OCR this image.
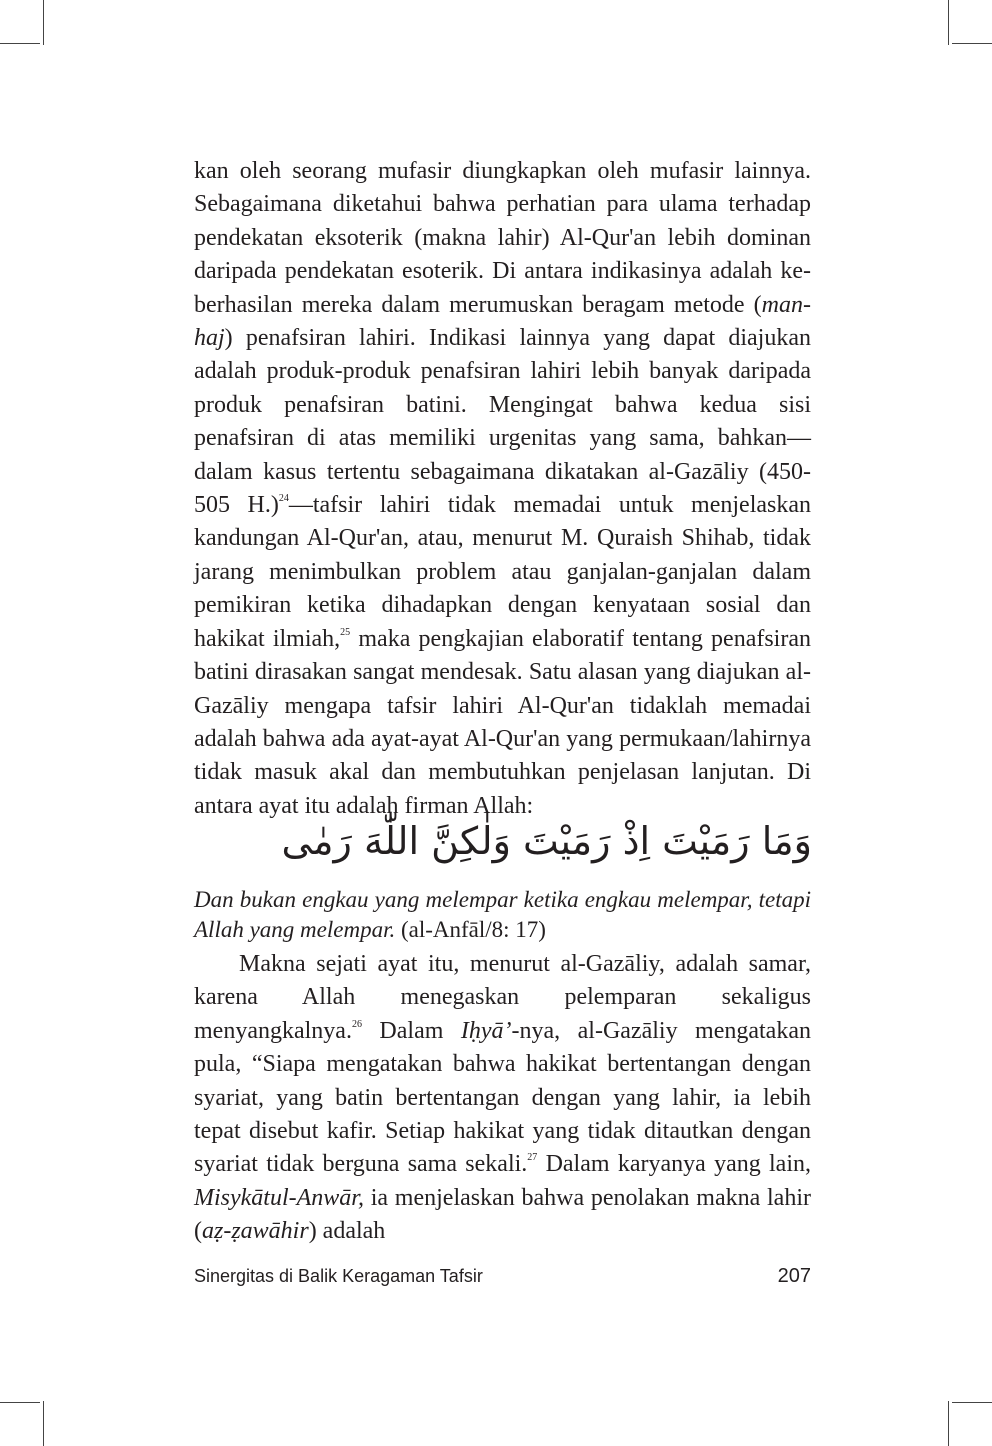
kan oleh seorang mufasir diungkapkan oleh mufasir lainnya. Sebagaimana diketahui bahwa perhatian para ulama terhadap pendekatan eksoterik (makna lahir) Al-Qur'an lebih dominan daripada pendekatan esoterik. Di antara indikasinya adalah keberhasilan mereka dalam merumuskan beragam metode (manhaj) penafsiran lahiri. Indikasi lainnya yang dapat diajukan adalah produk-produk penafsiran lahiri lebih banyak daripada produk penafsiran batini. Mengingat bahwa kedua sisi penafsiran di atas memiliki urgenitas yang sama, bahkan—dalam kasus tertentu sebagaimana dikatakan al-Gazāliy (450-505 H.)$^{24}$—tafsir lahiri tidak memadai untuk menjelaskan kandungan Al-Qur'an, atau, menurut M. Quraish Shihab, tidak jarang menimbulkan problem atau ganjalan-ganjalan dalam pemikiran ketika dihadapkan dengan kenyataan sosial dan hakikat ilmiah,$^{25}$ maka pengkajian elaboratif tentang penafsiran batini dirasakan sangat mendesak. Satu alasan yang diajukan al-Gazāliy mengapa tafsir lahiri Al-Qur'an tidaklah memadai adalah bahwa ada ayat-ayat Al-Qur'an yang permukaan/lahirnya tidak masuk akal dan membutuhkan penjelasan lanjutan. Di antara ayat itu adalah firman Allah:

وَمَا رَمَيْتَ اِذْ رَمَيْتَ وَلٰكِنَّ اللّٰهَ رَمٰى
Dan bukan engkau yang melempar ketika engkau melempar, tetapi Allah yang melempar. (al-Anfāl/8: 17)

Makna sejati ayat itu, menurut al-Gazāliy, adalah samar, karena Allah menegaskan pelemparan sekaligus menyangkalnya.$^{26}$ Dalam Iḥyā’-nya, al-Gazāliy mengatakan pula, “Siapa mengatakan bahwa hakikat bertentangan dengan syariat, yang batin bertentangan dengan yang lahir, ia lebih tepat disebut kafir. Setiap hakikat yang tidak ditautkan dengan syariat tidak berguna sama sekali.$^{27}$ Dalam karyanya yang lain, Misykātul-Anwār, ia menjelaskan bahwa penolakan makna lahir (aẓ-ẓawāhir) adalah

Sinergitas di Balik Keragaman Tafsir	207
